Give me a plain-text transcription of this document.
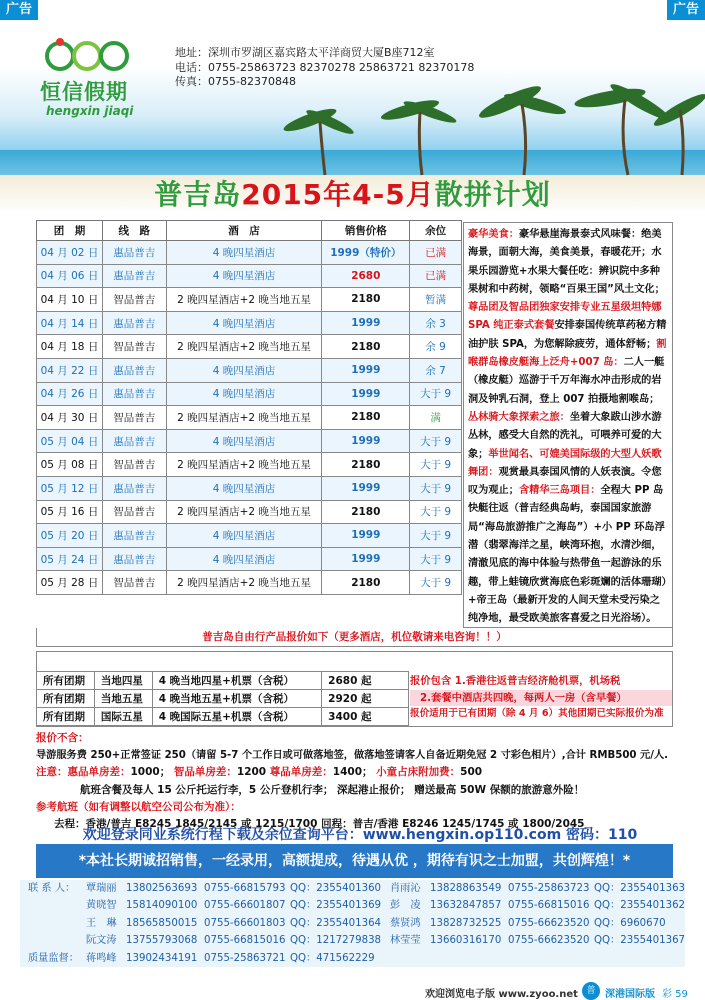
广告	广告
恒信假期
hengxin jiaqi
地址：深圳市罗湖区嘉宾路太平洋商贸大厦B座712室
电话：0755-25863723 82370278 25863721 82370178
传真：0755-82370848
普吉岛2015年4-5月散拼计划
团　期	线　路	酒　店	销售价格	余位
04 月 02 日	惠品普吉	4 晚四星酒店	1999（特价）	已满
04 月 06 日	惠品普吉	4 晚四星酒店	2680	已满
04 月 10 日	智品普吉	2 晚四星酒店+2 晚当地五星	2180	暂满
04 月 14 日	惠品普吉	4 晚四星酒店	1999	余 3
04 月 18 日	智品普吉	2 晚四星酒店+2 晚当地五星	2180	余 9
04 月 22 日	惠品普吉	4 晚四星酒店	1999	余 7
04 月 26 日	惠品普吉	4 晚四星酒店	1999	大于 9
04 月 30 日	智品普吉	2 晚四星酒店+2 晚当地五星	2180	满
05 月 04 日	惠品普吉	4 晚四星酒店	1999	大于 9
05 月 08 日	智品普吉	2 晚四星酒店+2 晚当地五星	2180	大于 9
05 月 12 日	惠品普吉	4 晚四星酒店	1999	大于 9
05 月 16 日	智品普吉	2 晚四星酒店+2 晚当地五星	2180	大于 9
05 月 20 日	惠品普吉	4 晚四星酒店	1999	大于 9
05 月 24 日	惠品普吉	4 晚四星酒店	1999	大于 9
05 月 28 日	智品普吉	2 晚四星酒店+2 晚当地五星	2180	大于 9
豪华美食：豪华悬崖海景泰式风味餐：绝美海景，面朝大海，美食美景，春暖花开；水果乐园游览+水果大餐任吃：辨识院中多种果树和中药树，领略“百果王国”风土文化；尊品团及智品团独家安排专业五星级坦特娜SPA 纯正泰式套餐安排泰国传统草药秘方精油护肤 SPA，为您解除疲劳，通体舒畅；割喉群岛橡皮艇海上泛舟+007 岛：二人一艇（橡皮艇）巡游于千万年海水冲击形成的岩洞及钟乳石洞，登上 007 拍摄地割喉岛；丛林骑大象探索之旅：坐着大象跋山涉水游丛林，感受大自然的洗礼，可喂养可爱的大象；举世闻名、可媲美国际级的大型人妖歌舞团：观赏最具泰国风情的人妖表演。令您叹为观止；含精华三岛项目：全程大 PP 岛快艇往返（普吉经典岛屿，泰国国家旅游局“海岛旅游推广之海岛”）+小 PP 环岛浮潜（翡翠海洋之星，峡湾环抱，水清沙细，清澈见底的海中体验与热带鱼一起游泳的乐趣，带上蛙镜欣赏海底色彩斑斓的活体珊瑚）+帝王岛（最新开发的人间天堂未受污染之纯净地，最受欧美旅客喜爱之日光浴场）。
普吉岛自由行产品报价如下（更多酒店，机位敬请来电咨询！！）
所有团期	当地四星	4 晚当地四星+机票（含税）	2680 起
所有团期	当地五星	4 晚当地五星+机票（含税）	2920 起
所有团期	国际五星	4 晚国际五星+机票（含税）	3400 起
报价包含 1.香港往返普吉经济舱机票，机场税
2.套餐中酒店共四晚，每两人一房（含早餐）
报价适用于已有团期（除 4 月 6）其他团期已实际报价为准
报价不含：
导游服务费 250+正常签证 250（请留 5-7 个工作日或可做落地签，做落地签请客人自备近期免冠 2 寸彩色相片）,合计 RMB500 元/人.
注意：惠品单房差：1000； 智品单房差：1200 尊品单房差：1400； 小童占床附加费：500
航班含餐及每人 15 公斤托运行李，5 公斤登机行李； 深起港止报价； 赠送最高 50W 保额的旅游意外险！
参考航班（如有调整以航空公司公布为准）：
去程：香港/普吉 E8245 1845/2145 或 1215/1700 回程：普吉/香港 E8246 1245/1745 或 1800/2045
欢迎登录同业系统行程下载及余位查询平台：www.hengxin.op110.com 密码：110
*本社长期诚招销售，一经录用，高额提成，待遇从优 ，期待有识之士加盟，共创辉煌！*
联 系 人：	覃瑞丽 13802563693 0755-66815793 QQ：2355401360 肖雨沁 13828863549 0755-25863723 QQ：2355401363
黄晓智 15814090100 0755-66601807 QQ：2355401369 彭　凌 13632847857 0755-66815016 QQ：2355401362
王　琳 18565850015 0755-66601803 QQ：2355401364 蔡贤鸿 13828732525 0755-66623520 QQ：6960670
阮文涛 13755793068 0755-66815016 QQ：1217279838 林莹莹 13660316170 0755-66623520 QQ：2355401367
质量监督： 蒋鸣峰 13902434191 0755-25863721 QQ：471562229
欢迎浏览电子版 www.zyoo.net 普 深港国际版 彩 59
